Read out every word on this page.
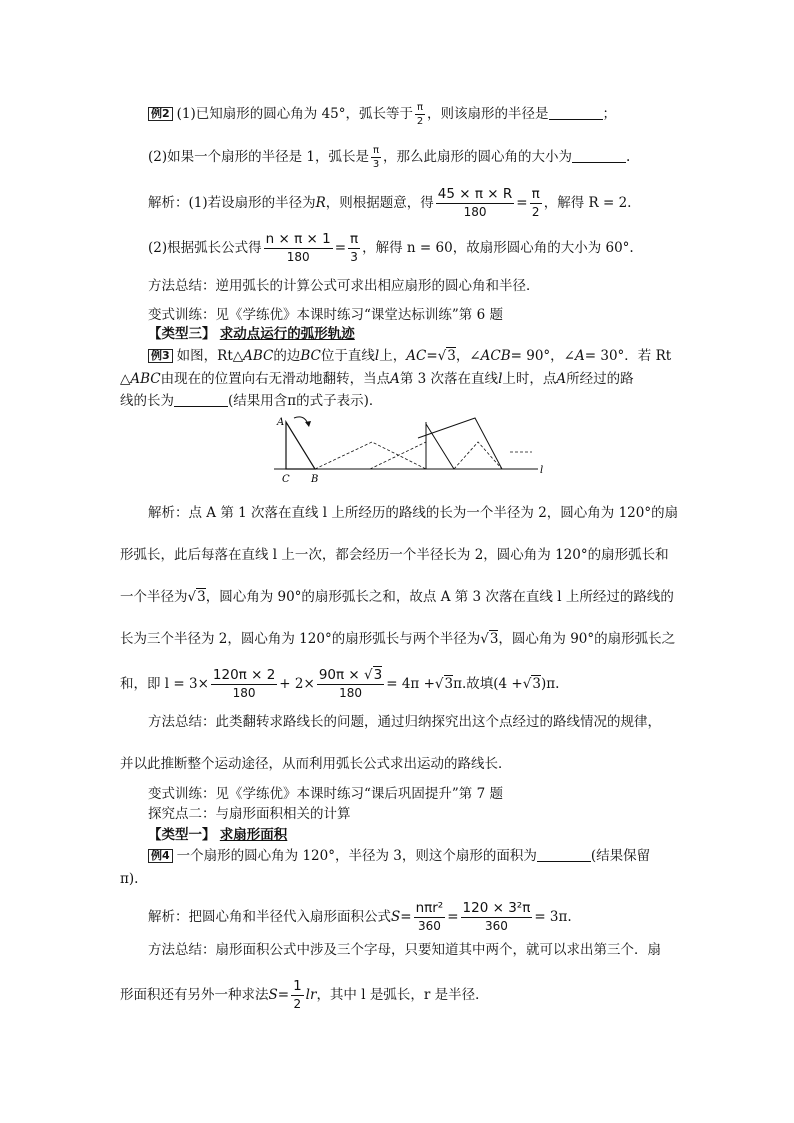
例2 (1)已知扇形的圆心角为 45°，弧长等于 $\frac{\pi}{2}$ ，则该扇形的半径是	；
(2)如果一个扇形的半径是 1，弧长是 $\frac{\pi}{3}$ ，那么此扇形的圆心角的大小为	.
解析：(1)若设扇形的半径为R，则根据题意，得 $\frac{45 \times \pi \times R}{180} = \frac{\pi}{2}$ ，解得 R = 2.
(2)根据弧长公式得 $\frac{n \times \pi \times 1}{180} = \frac{\pi}{3}$ ，解得 n = 60，故扇形圆心角的大小为 60°.
方法总结：逆用弧长的计算公式可求出相应扇形的圆心角和半径．
变式训练：见《学练优》本课时练习“课堂达标训练”第 6 题
【类型三】 求动点运行的弧形轨迹
例3 如图，Rt△ABC的边BC位于直线l上，AC=√3，∠ACB= 90°，∠A= 30°．若 Rt
△ABC由现在的位置向右无滑动地翻转，当点A第 3 次落在直线l上时，点A所经过的路
线的长为	(结果用含π的式子表示)．
A
C B
l
解析：点 A 第 1 次落在直线 l 上所经历的路线的长为一个半径为 2，圆心角为 120°的扇
形弧长，此后每落在直线 l 上一次，都会经历一个半径长为 2，圆心角为 120°的扇形弧长和
一个半径为√3，圆心角为 90°的扇形弧长之和，故点 A 第 3 次落在直线 l 上所经过的路线的
长为三个半径为 2，圆心角为 120°的扇形弧长与两个半径为√3，圆心角为 90°的扇形弧长之
和，即 $l = 3\times \frac{120\pi \times 2}{180} + 2\times \frac{90\pi \times √3}{180} = 4\pi +√3\pi$.故填(4 +√3)π.
方法总结：此类翻转求路线长的问题，通过归纳探究出这个点经过的路线情况的规律，
并以此推断整个运动途径，从而利用弧长公式求出运动的路线长．
变式训练：见《学练优》本课时练习“课后巩固提升”第 7 题
探究点二：与扇形面积相关的计算
【类型一】 求扇形面积
例4 一个扇形的圆心角为 120°，半径为 3，则这个扇形的面积为	(结果保留
π).
解析：把圆心角和半径代入扇形面积公式$S= \frac{\text{nπr²}}{360} = \frac{\text{120 × 3²π}}{360} = 3\pi$.
方法总结：扇形面积公式中涉及三个字母，只要知道其中两个，就可以求出第三个．扇
形面积还有另外一种求法$S= \frac{1}{2}$ lr，其中 l 是弧长，r 是半径．
